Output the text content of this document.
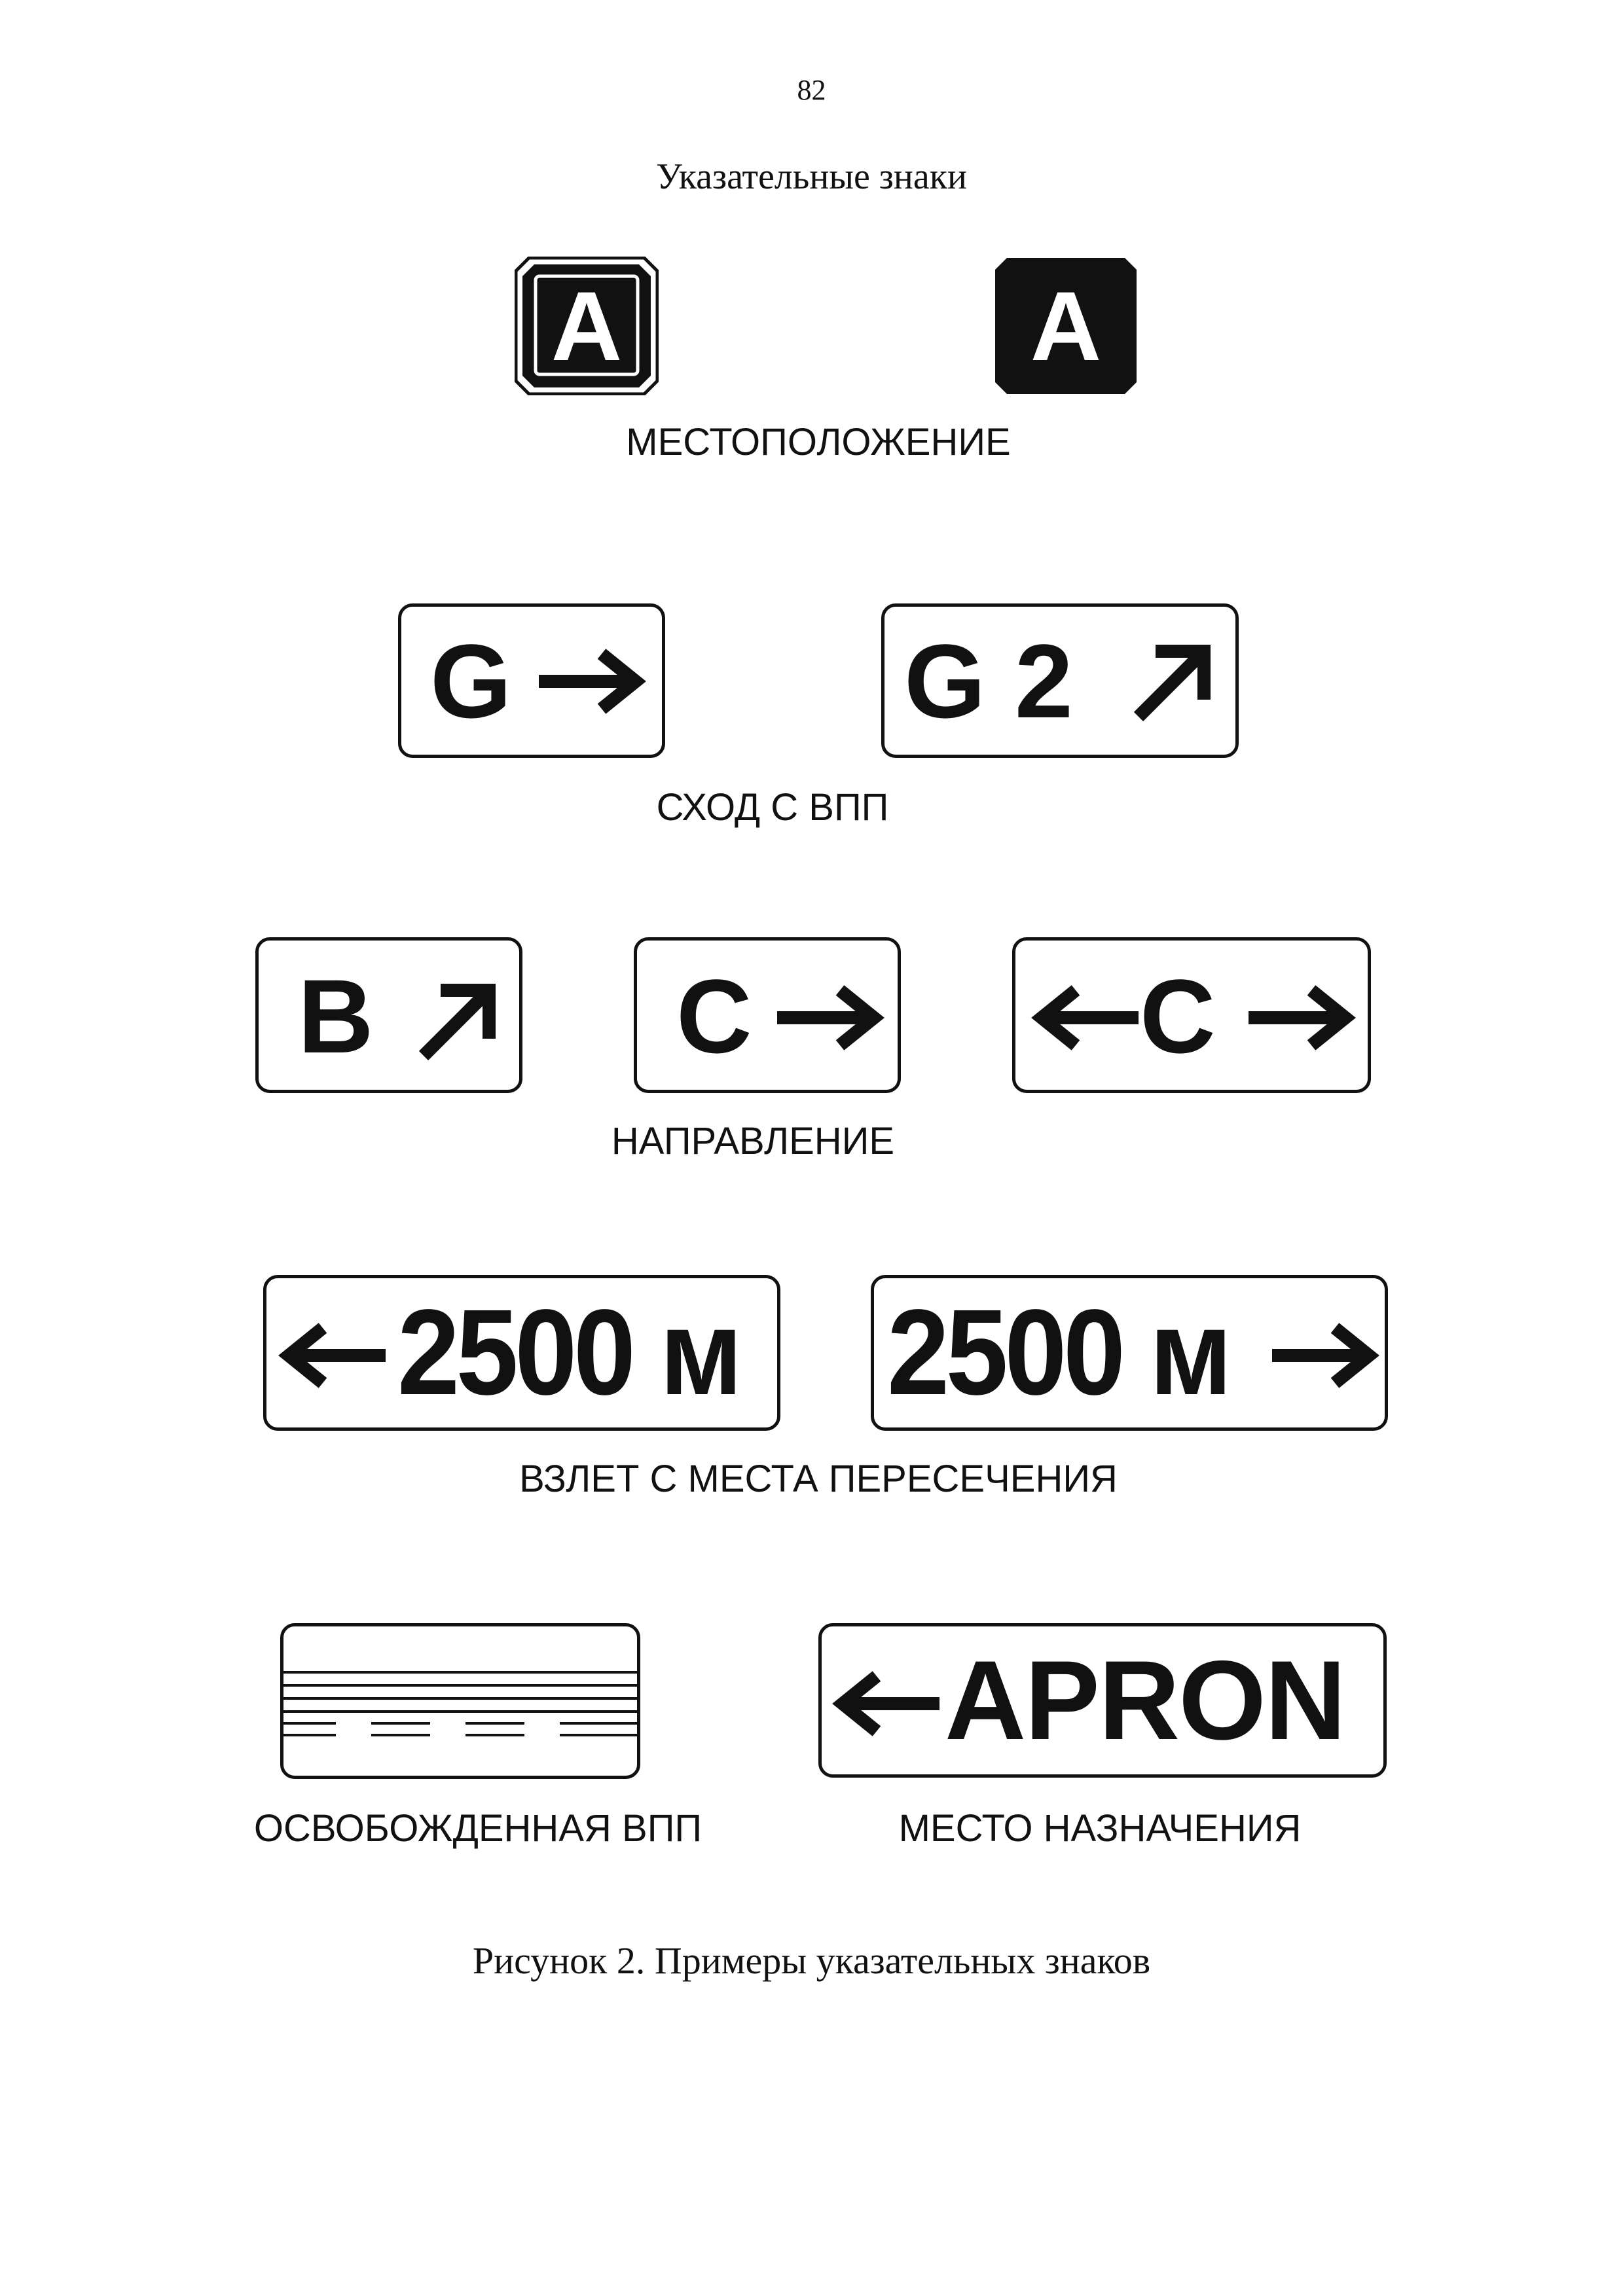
82
Указательные знаки
A	A
МЕСТОПОЛОЖЕНИЕ
G	G 2
СХОД С ВПП
B	C	C
НАПРАВЛЕНИЕ
2500 м 2500 м
ВЗЛЕТ С МЕСТА ПЕРЕСЕЧЕНИЯ
APRON
ОСВОБОЖДЕННАЯ ВПП	МЕСТО НАЗНАЧЕНИЯ
Рисунок 2. Примеры указательных знаков
